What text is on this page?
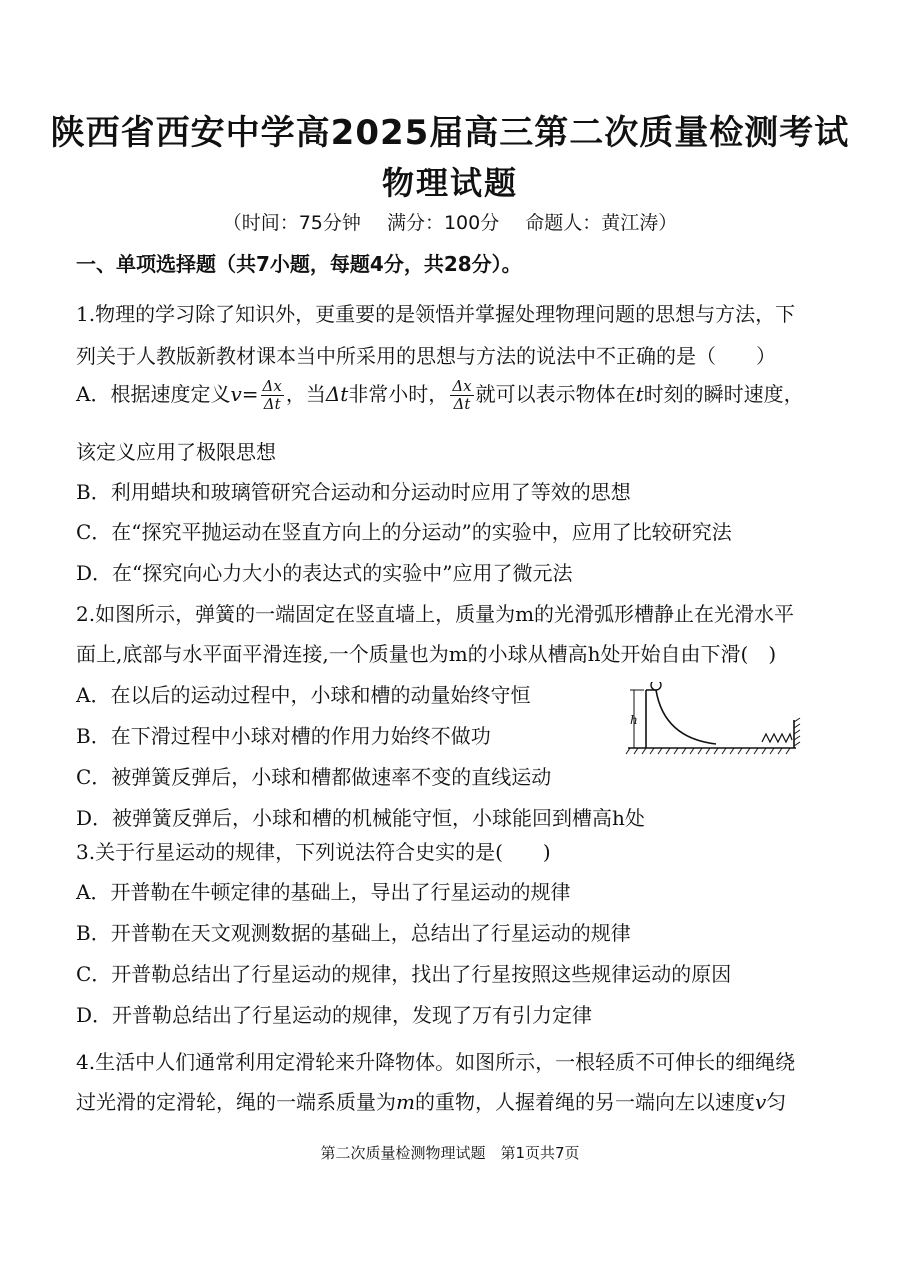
陕西省西安中学高2025届高三第二次质量检测考试
物理试题
（时间：75分钟 满分：100分 命题人：黄江涛）
一、单项选择题（共7小题，每题4分，共28分）。
1.物理的学习除了知识外，更重要的是领悟并掌握处理物理问题的思想与方法，下
列关于人教版新教材课本当中所采用的思想与方法的说法中不正确的是（　　）
A．根据速度定义$v= \frac{\Delta x}{\Delta t}$ ，当Δt非常小时， $\frac{\Delta x}{\Delta t}$ 就可以表示物体在t时刻的瞬时速度，
该定义应用了极限思想
B．利用蜡块和玻璃管研究合运动和分运动时应用了等效的思想
C．在“探究平抛运动在竖直方向上的分运动”的实验中，应用了比较研究法
D．在“探究向心力大小的表达式的实验中”应用了微元法
2.如图所示，弹簧的一端固定在竖直墙上，质量为m的光滑弧形槽静止在光滑水平
面上,底部与水平面平滑连接,一个质量也为m的小球从槽高h处开始自由下滑(　)
A．在以后的运动过程中，小球和槽的动量始终守恒
B．在下滑过程中小球对槽的作用力始终不做功
C．被弹簧反弹后，小球和槽都做速率不变的直线运动
D．被弹簧反弹后，小球和槽的机械能守恒，小球能回到槽高h处
h
3.关于行星运动的规律，下列说法符合史实的是(　　)
A．开普勒在牛顿定律的基础上，导出了行星运动的规律
B．开普勒在天文观测数据的基础上，总结出了行星运动的规律
C．开普勒总结出了行星运动的规律，找出了行星按照这些规律运动的原因
D．开普勒总结出了行星运动的规律，发现了万有引力定律
4.生活中人们通常利用定滑轮来升降物体。如图所示，一根轻质不可伸长的细绳绕
过光滑的定滑轮，绳的一端系质量为m的重物，人握着绳的另一端向左以速度v匀
第二次质量检测物理试题　第1页共7页
